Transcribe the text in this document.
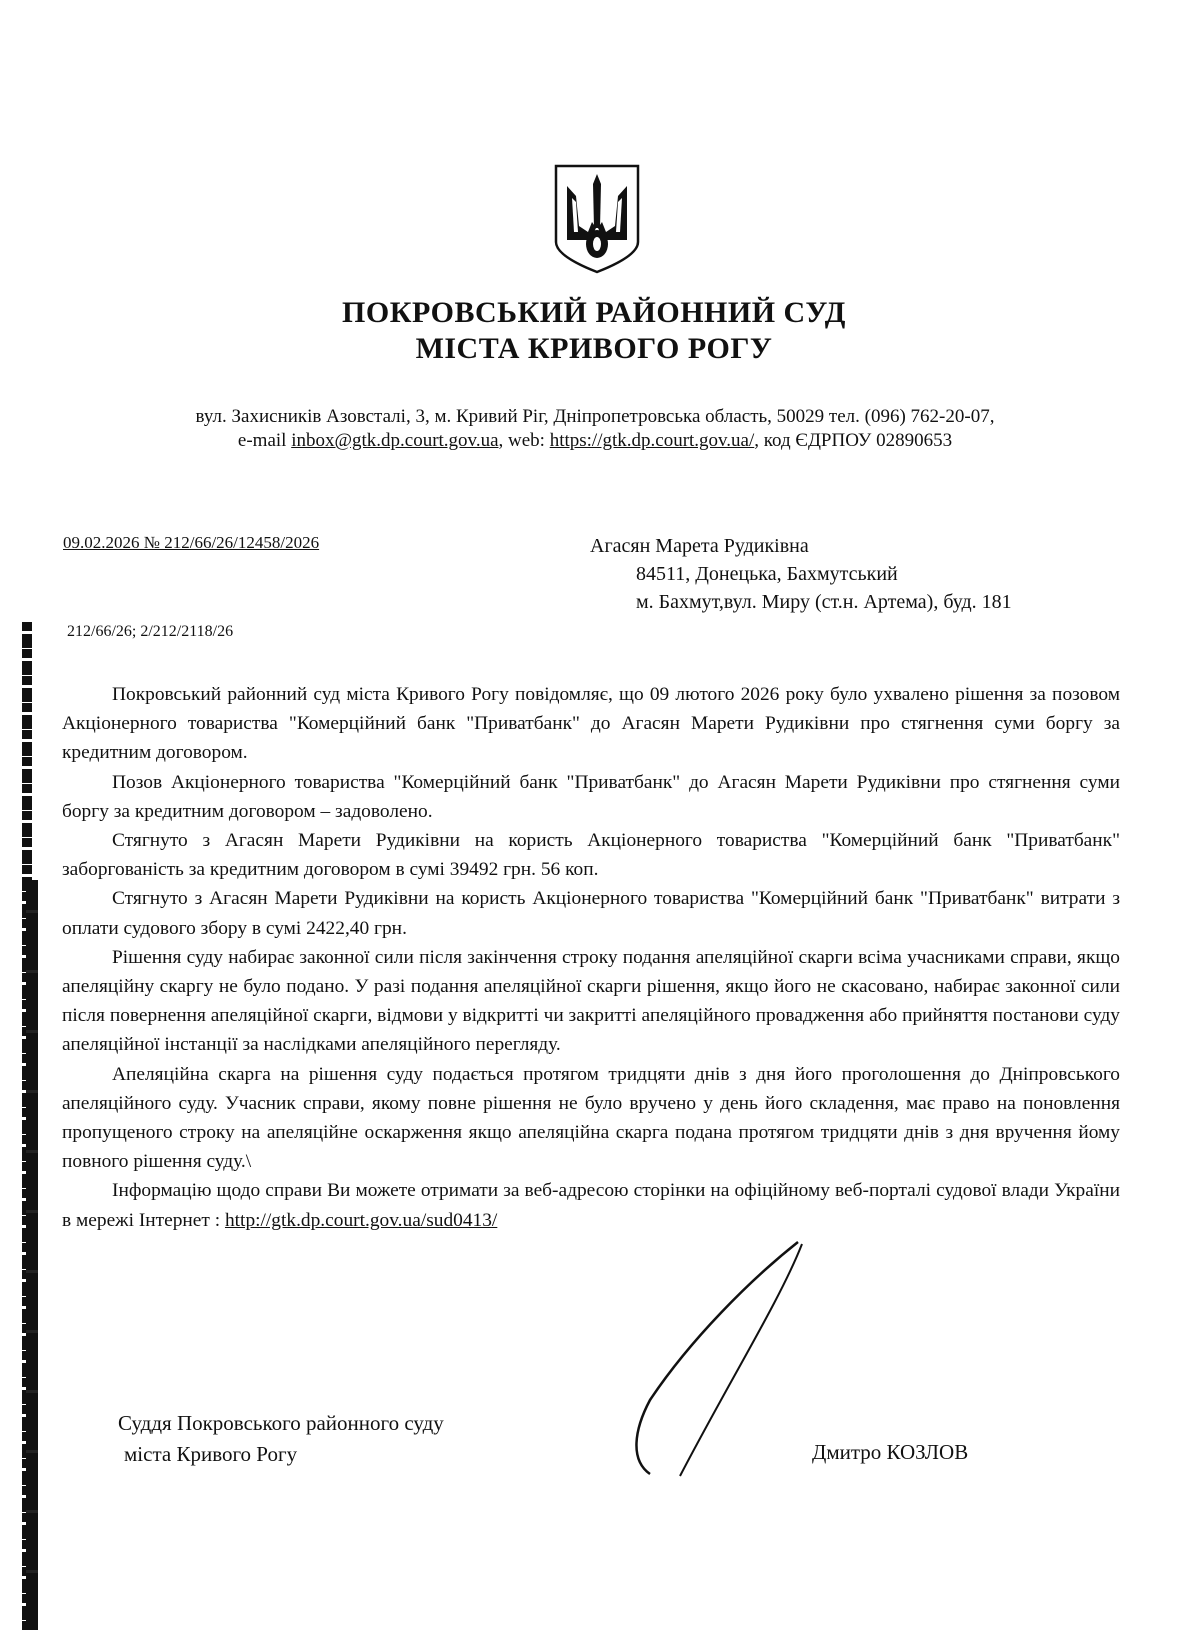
ПОКРОВСЬКИЙ РАЙОННИЙ СУД
МІСТА КРИВОГО РОГУ
вул. Захисників Азовсталі, 3, м. Кривий Ріг, Дніпропетровська область, 50029 тел. (096) 762-20-07,
e-mail inbox@gtk.dp.court.gov.ua, web: https://gtk.dp.court.gov.ua/, код ЄДРПОУ 02890653
09.02.2026 № 212/66/26/12458/2026
212/66/26; 2/212/2118/26
Агасян Марета Рудиківна
84511, Донецька, Бахмутський
м. Бахмут,вул. Миру (ст.н. Артема), буд. 181

Покровський районний суд міста Кривого Рогу повідомляє, що 09 лютого 2026 року було ухвалено рішення за позовом Акціонерного товариства "Комерційний банк "Приватбанк" до Агасян Марети Рудиківни про стягнення суми боргу за кредитним договором.

Позов Акціонерного товариства "Комерційний банк "Приватбанк" до Агасян Марети Рудиківни про стягнення суми боргу за кредитним договором – задоволено.

Стягнуто з Агасян Марети Рудиківни на користь Акціонерного товариства "Комерційний банк "Приватбанк" заборгованість за кредитним договором в сумі 39492 грн. 56 коп.

Стягнуто з Агасян Марети Рудиківни на користь Акціонерного товариства "Комерційний банк "Приватбанк" витрати з оплати судового збору в сумі 2422,40 грн.

Рішення суду набирає законної сили після закінчення строку подання апеляційної скарги всіма учасниками справи, якщо апеляційну скаргу не було подано. У разі подання апеляційної скарги рішення, якщо його не скасовано, набирає законної сили після повернення апеляційної скарги, відмови у відкритті чи закритті апеляційного провадження або прийняття постанови суду апеляційної інстанції за наслідками апеляційного перегляду.

Апеляційна скарга на рішення суду подається протягом тридцяти днів з дня його проголошення до Дніпровського апеляційного суду. Учасник справи, якому повне рішення не було вручено у день його складення, має право на поновлення пропущеного строку на апеляційне оскарження якщо апеляційна скарга подана протягом тридцяти днів з дня вручення йому повного рішення суду.\

Інформацію щодо справи Ви можете отримати за веб-адресою сторінки на офіційному веб-порталі судової влади України в мережі Інтернет : http://gtk.dp.court.gov.ua/sud0413/

Суддя Покровського районного суду
міста Кривого Рогу	Дмитро КОЗЛОВ
